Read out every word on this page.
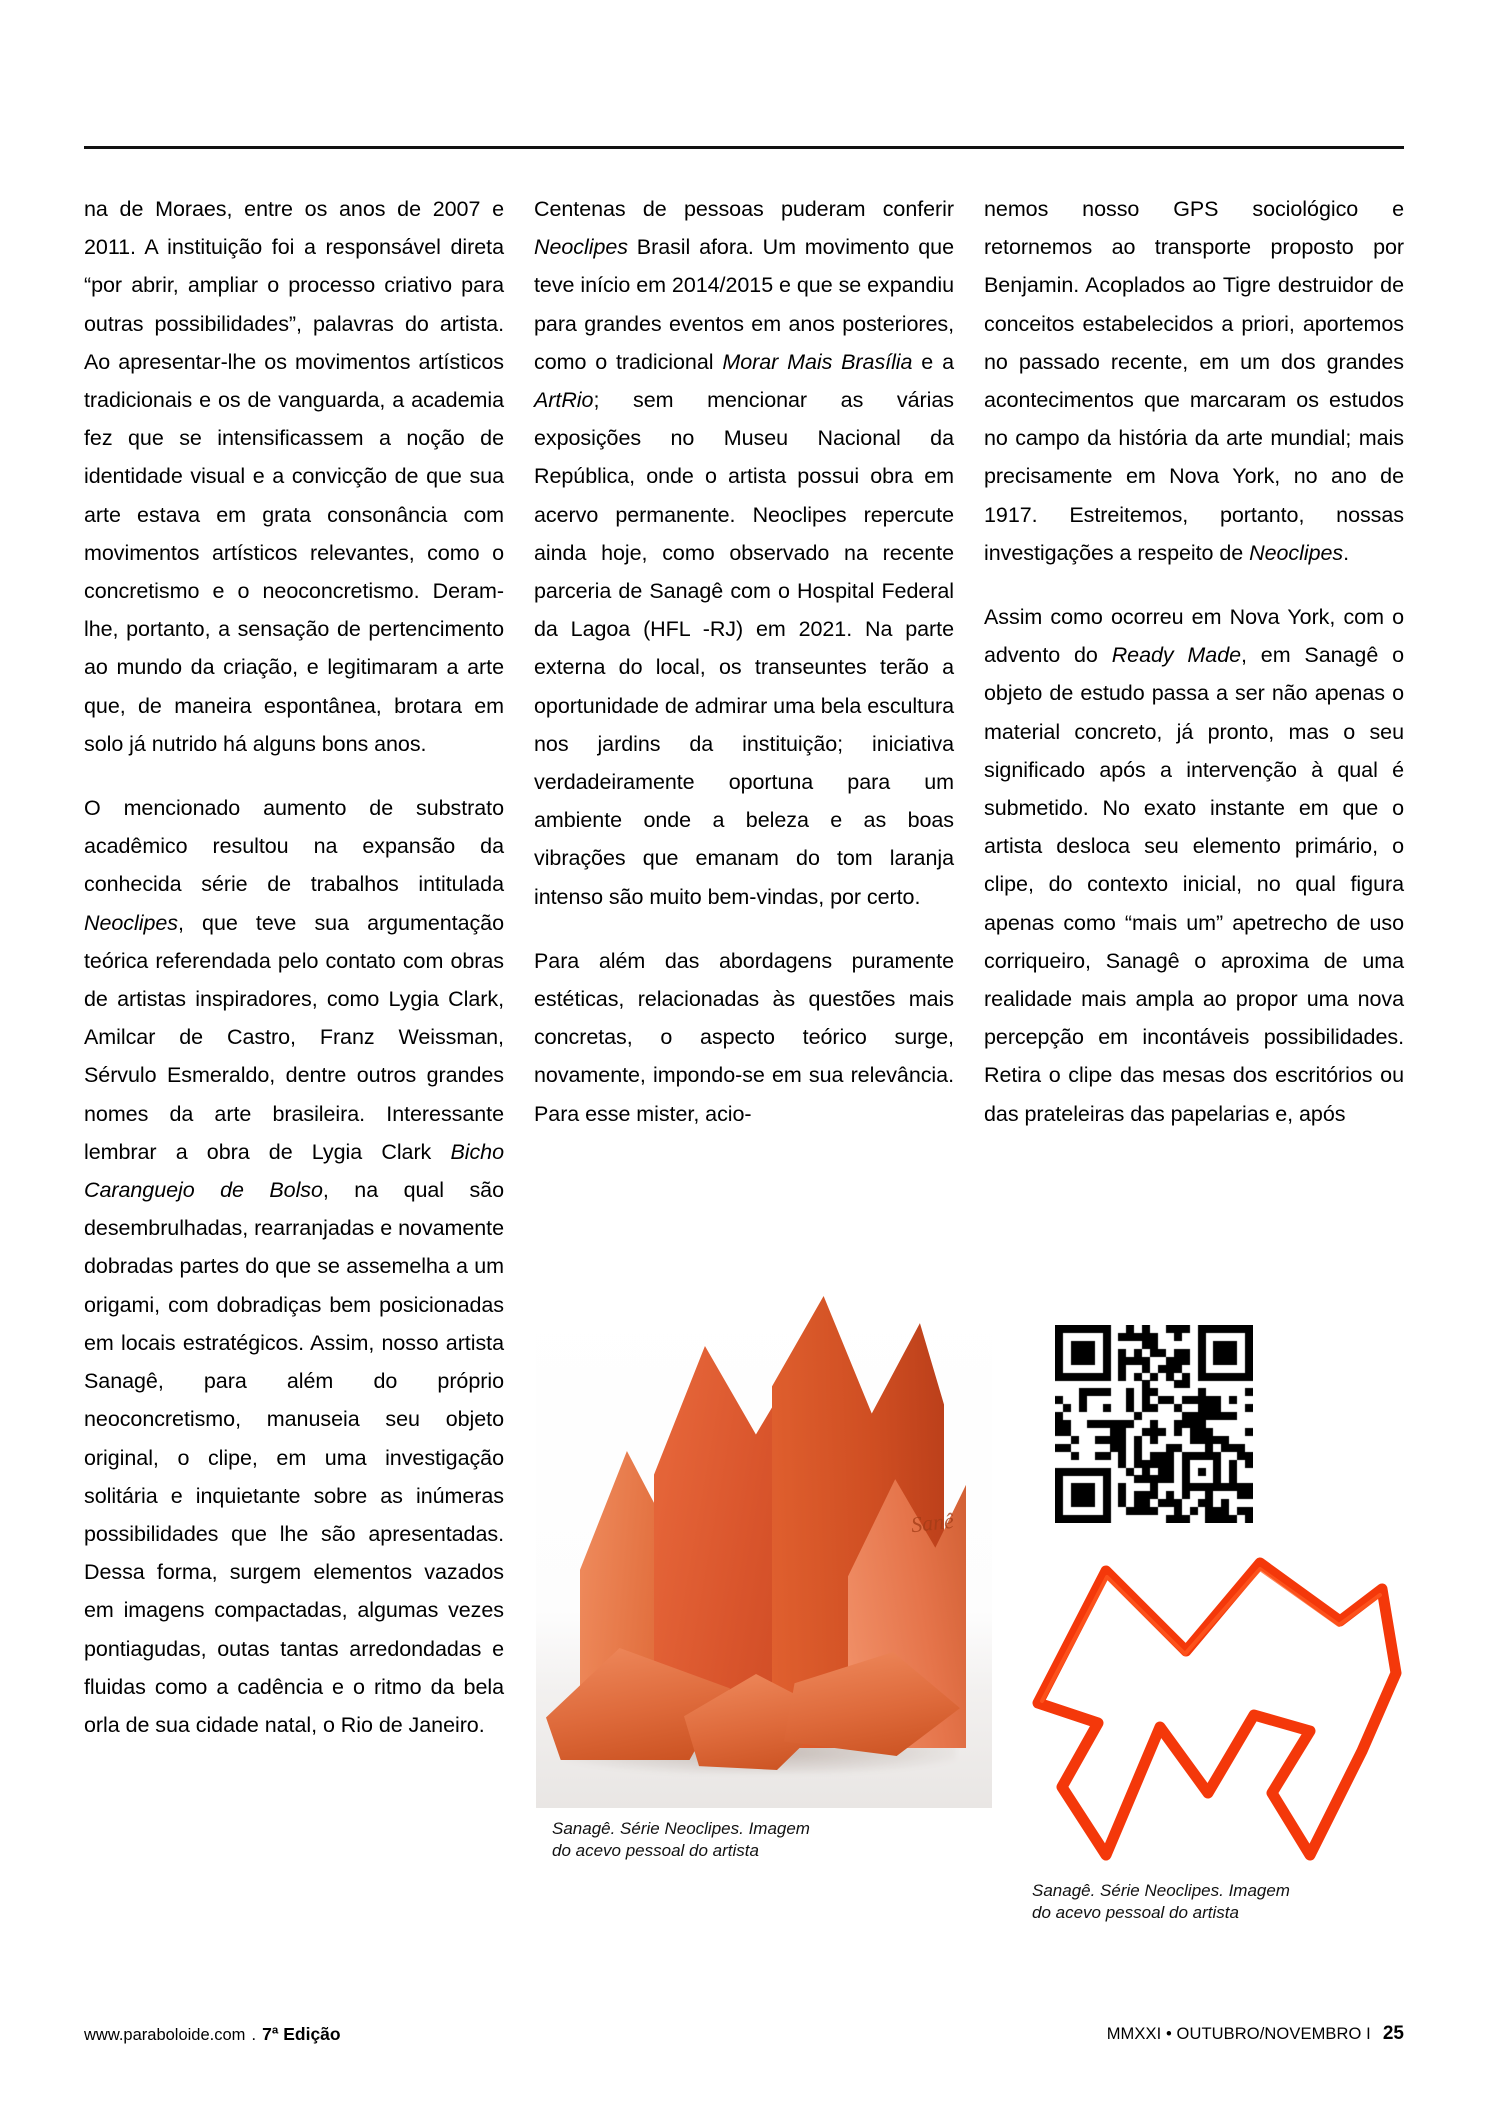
na de Moraes, entre os anos de 2007 e 2011. A instituição foi a responsável direta “por abrir, ampliar o processo criativo para outras possibilidades”, palavras do artista. Ao apresentar-lhe os movimentos artísticos tradicionais e os de vanguarda, a academia fez que se intensificassem a noção de identidade visual e a convicção de que sua arte estava em grata consonância com movimentos artísticos relevantes, como o concretismo e o neoconcretismo. Deram-lhe, portanto, a sensação de pertencimento ao mundo da criação, e legitimaram a arte que, de maneira espontânea, brotara em solo já nutrido há alguns bons anos.

O mencionado aumento de substrato acadêmico resultou na expansão da conhecida série de trabalhos intitulada Neoclipes, que teve sua argumentação teórica referendada pelo contato com obras de artistas inspiradores, como Lygia Clark, Amilcar de Castro, Franz Weissman, Sérvulo Esmeraldo, dentre outros grandes nomes da arte brasileira. Interessante lembrar a obra de Lygia Clark Bicho Caranguejo de Bolso, na qual são desembrulhadas, rearranjadas e novamente dobradas partes do que se assemelha a um origami, com dobradiças bem posicionadas em locais estratégicos. Assim, nosso artista Sanagê, para além do próprio neoconcretismo, manuseia seu objeto original, o clipe, em uma investigação solitária e inquietante sobre as inúmeras possibilidades que lhe são apresentadas. Dessa forma, surgem elementos vazados em imagens compactadas, algumas vezes pontiagudas, outas tantas arredondadas e fluidas como a cadência e o ritmo da bela orla de sua cidade natal, o Rio de Janeiro.

Centenas de pessoas puderam conferir Neoclipes Brasil afora. Um movimento que teve início em 2014/2015 e que se expandiu para grandes eventos em anos posteriores, como o tradicional Morar Mais Brasília e a ArtRio; sem mencionar as várias exposições no Museu Nacional da República, onde o artista possui obra em acervo permanente. Neoclipes repercute ainda hoje, como observado na recente parceria de Sanagê com o Hospital Federal da Lagoa (HFL -RJ) em 2021. Na parte externa do local, os transeuntes terão a oportunidade de admirar uma bela escultura nos jardins da instituição; iniciativa verdadeiramente oportuna para um ambiente onde a beleza e as boas vibrações que emanam do tom laranja intenso são muito bem-vindas, por certo.

Para além das abordagens puramente estéticas, relacionadas às questões mais concretas, o aspecto teórico surge, novamente, impondo-se em sua relevância. Para esse mister, acio-

nemos nosso GPS sociológico e retornemos ao transporte proposto por Benjamin. Acoplados ao Tigre destruidor de conceitos estabelecidos a priori, aportemos no passado recente, em um dos grandes acontecimentos que marcaram os estudos no campo da história da arte mundial; mais precisamente em Nova York, no ano de 1917. Estreitemos, portanto, nossas investigações a respeito de Neoclipes.

Assim como ocorreu em Nova York, com o advento do Ready Made, em Sanagê o objeto de estudo passa a ser não apenas o material concreto, já pronto, mas o seu significado após a intervenção à qual é submetido. No exato instante em que o artista desloca seu elemento primário, o clipe, do contexto inicial, no qual figura apenas como “mais um” apetrecho de uso corriqueiro, Sanagê o aproxima de uma realidade mais ampla ao propor uma nova percepção em incontáveis possibilidades. Retira o clipe das mesas dos escritórios ou das prateleiras das papelarias e, após

Sanê
Sanagê. Série Neoclipes. Imagem
do acevo pessoal do artista
Sanagê. Série Neoclipes. Imagem
do acevo pessoal do artista
www.paraboloide.com . 7ª Edição	MMXXI • OUTUBRO/NOVEMBRO I 25
